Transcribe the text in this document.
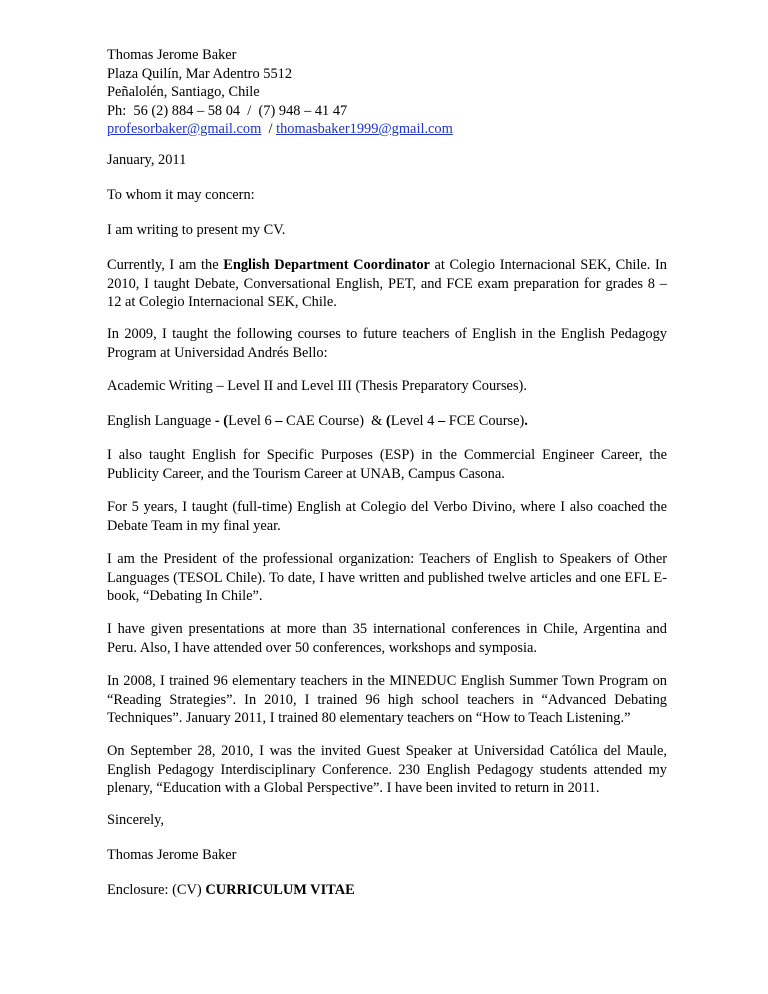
Thomas Jerome Baker
Plaza Quilín, Mar Adentro 5512
Peñalolén, Santiago, Chile
Ph:  56 (2) 884 – 58 04  /  (7) 948 – 41 47
profesorbaker@gmail.com  / thomasbaker1999@gmail.com

January, 2011

To whom it may concern:

I am writing to present my CV.

Currently, I am the English Department Coordinator at Colegio Internacional SEK, Chile. In 2010, I taught Debate, Conversational English, PET, and FCE exam preparation for grades 8 – 12 at Colegio Internacional SEK, Chile.

In 2009, I taught the following courses to future teachers of English in the English Pedagogy Program at Universidad Andrés Bello:

Academic Writing – Level II and Level III (Thesis Preparatory Courses).

English Language - (Level 6 – CAE Course)  & (Level 4 – FCE Course).

I also taught English for Specific Purposes (ESP) in the Commercial Engineer Career, the Publicity Career, and the Tourism Career at UNAB, Campus Casona.

For 5 years, I taught (full-time) English at Colegio del Verbo Divino, where I also coached the Debate Team in my final year.

I am the President of the professional organization: Teachers of English to Speakers of Other Languages (TESOL Chile). To date, I have written and published twelve articles and one EFL E-book, “Debating In Chile”.

I have given presentations at more than 35 international conferences in Chile, Argentina and Peru. Also, I have attended over 50 conferences, workshops and symposia.

In 2008, I trained 96 elementary teachers in the MINEDUC English Summer Town Program on “Reading Strategies”. In 2010, I trained 96 high school teachers in “Advanced Debating Techniques”. January 2011, I trained 80 elementary teachers on “How to Teach Listening.”

On September 28, 2010, I was the invited Guest Speaker at Universidad Católica del Maule, English Pedagogy Interdisciplinary Conference. 230 English Pedagogy students attended my plenary, “Education with a Global Perspective”. I have been invited to return in 2011.

Sincerely,

Thomas Jerome Baker

Enclosure: (CV) CURRICULUM VITAE
